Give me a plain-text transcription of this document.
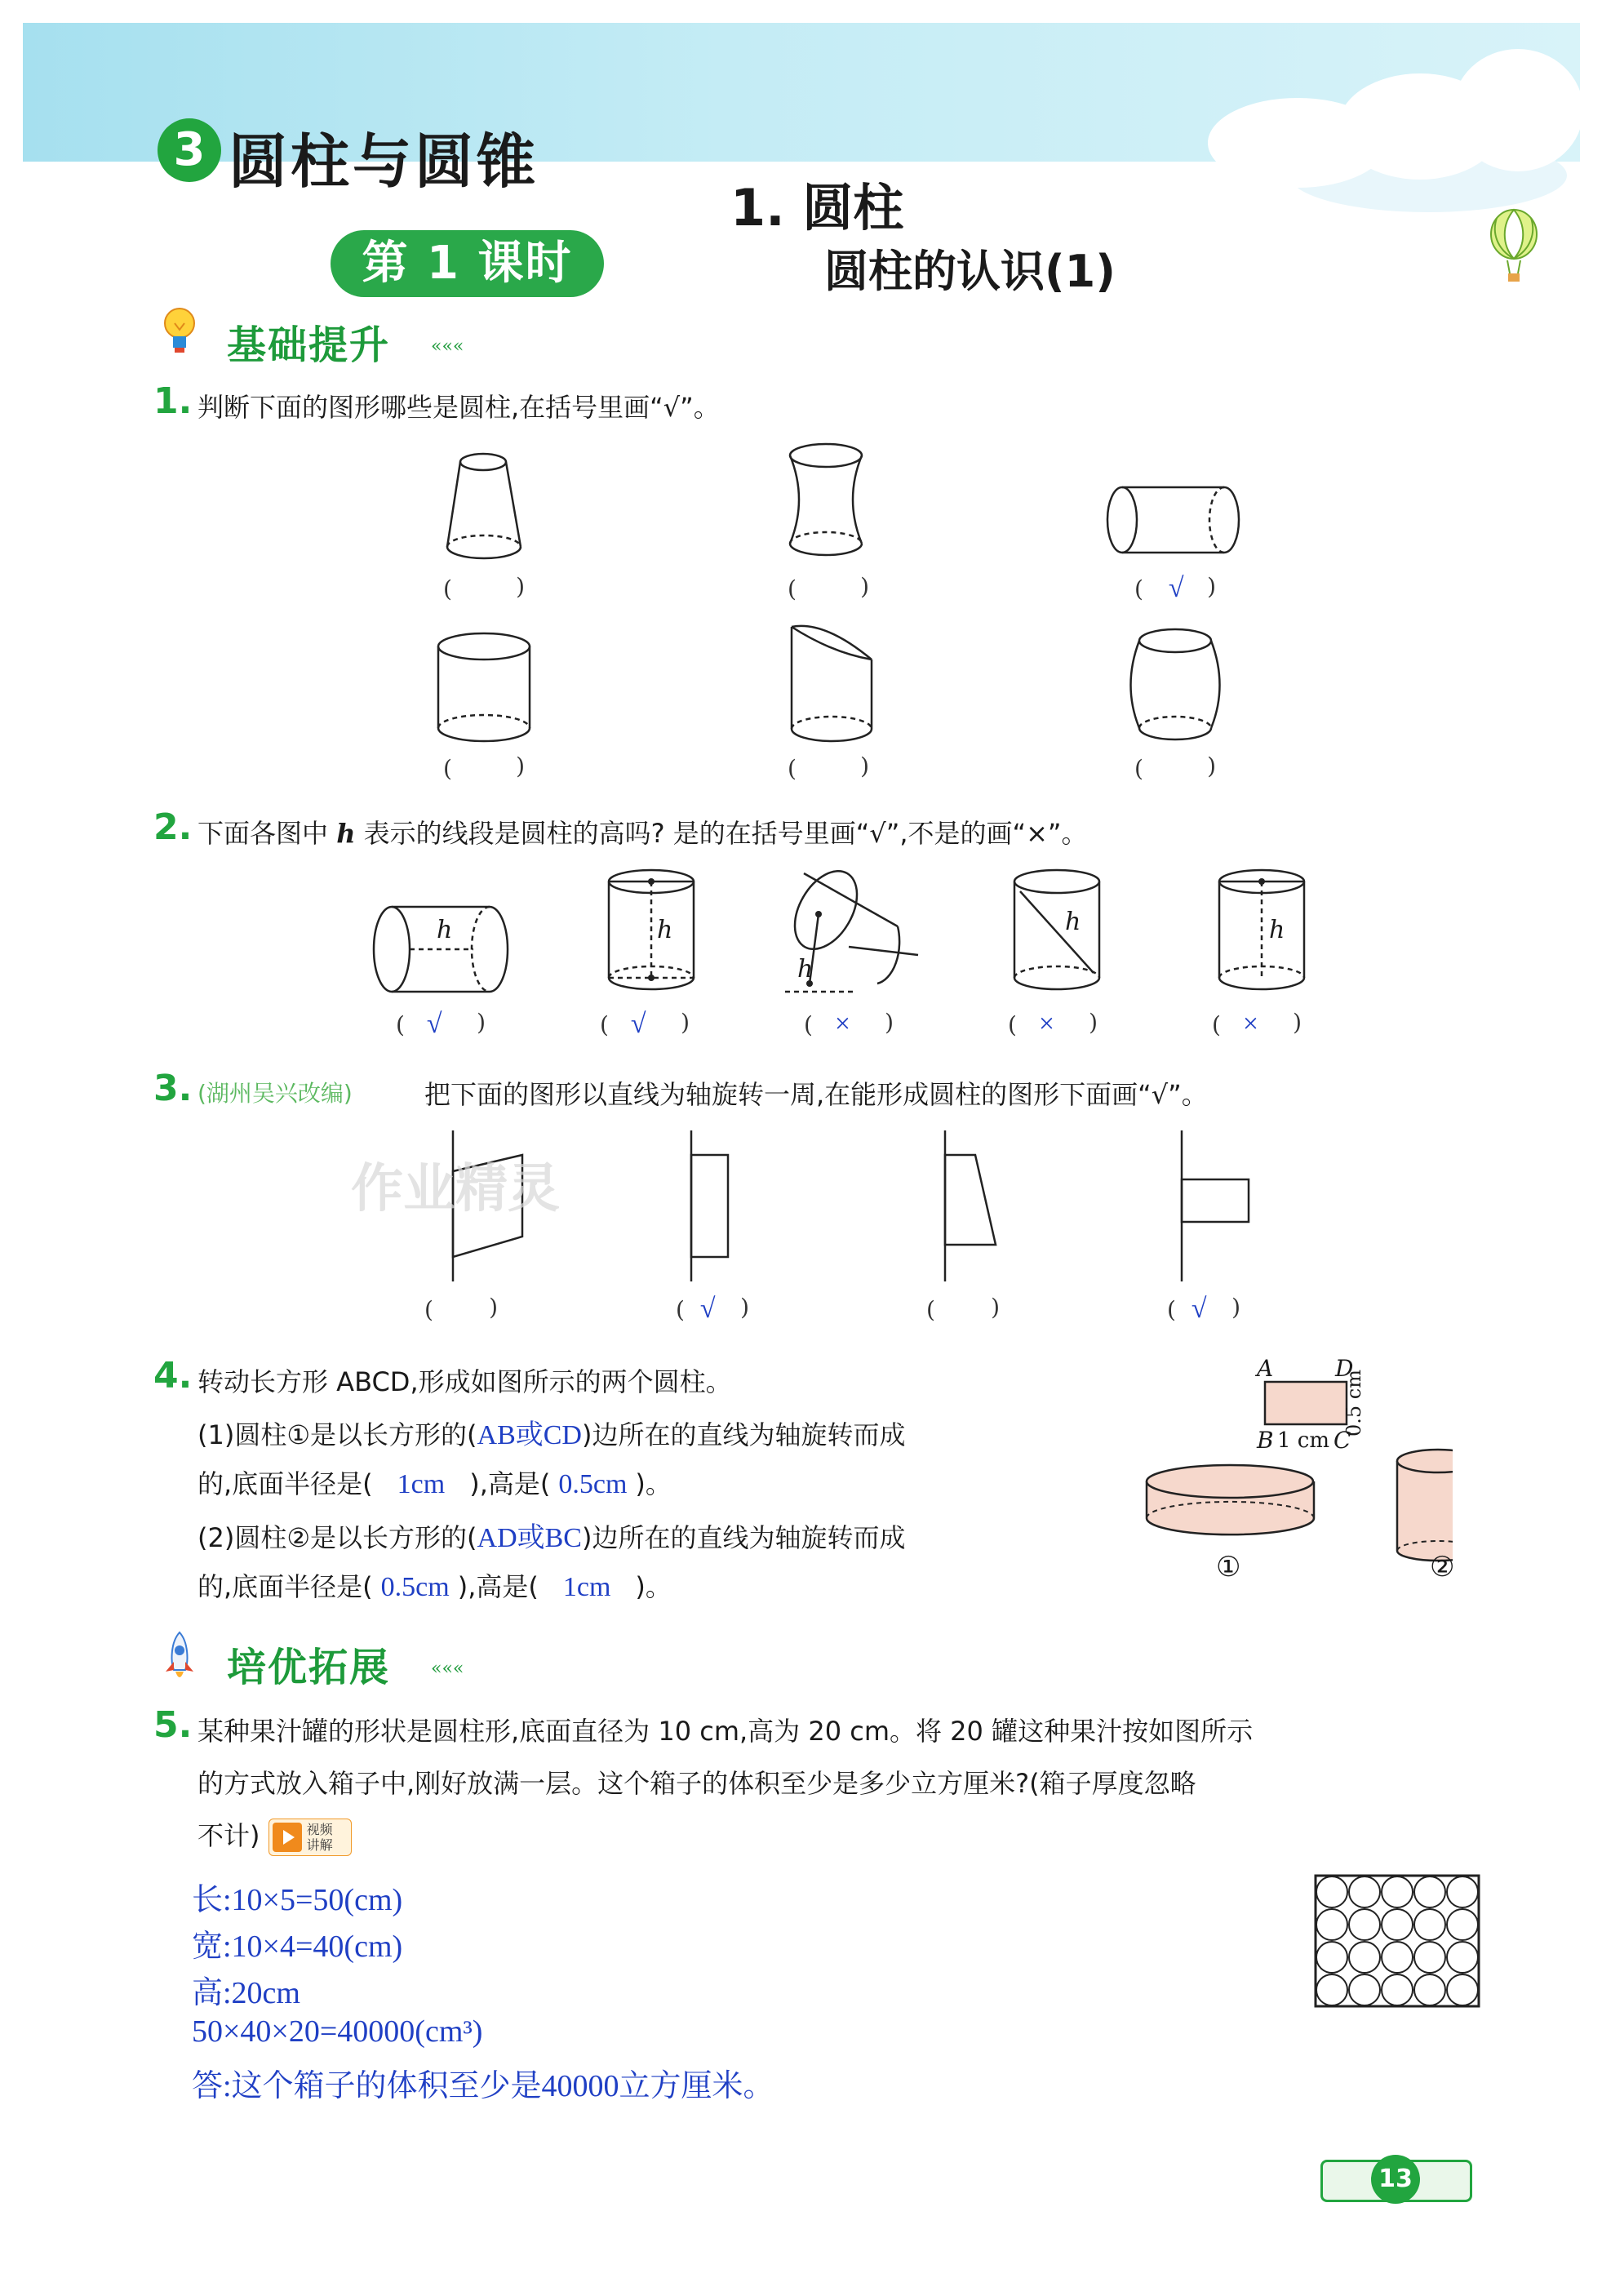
3 圆柱与圆锥
1. 圆柱
第 1 课时	圆柱的认识(1)
基础提升 «««
1. 判断下面的图形哪些是圆柱,在括号里画“√”。
(	)	(	)	( √ )
(	)	(	)	(	)
2. 下面各图中 h 表示的线段是圆柱的高吗? 是的在括号里画“√”,不是的画“×”。
h	h
h
h	h
( √ )	( √ )	( × )	( × )	( × )
3. (湖州吴兴改编)	把下面的图形以直线为轴旋转一周,在能形成圆柱的图形下面画“√”。
作业精灵
( )	( √ )	( )	( √ )
4. 转动长方形 ABCD,形成如图所示的两个圆柱。
(1)圆柱①是以长方形的(AB或CD)边所在的直线为轴旋转而成
的,底面半径是( 1cm ),高是( 0.5cm )。
(2)圆柱②是以长方形的(AD或BC)边所在的直线为轴旋转而成
的,底面半径是( 0.5cm ),高是( 1cm )。
A	D
B 1 cm C
0.5 cm
①	②
培优拓展 «««
5. 某种果汁罐的形状是圆柱形,底面直径为 10 cm,高为 20 cm。将 20 罐这种果汁按如图所示
的方式放入箱子中,刚好放满一层。这个箱子的体积至少是多少立方厘米?(箱子厚度忽略
不计)	视频
讲解
长:10×5=50(cm)
宽:10×4=40(cm)
高:20cm
50×40×20=40000(cm³)
答:这个箱子的体积至少是40000立方厘米。
13
